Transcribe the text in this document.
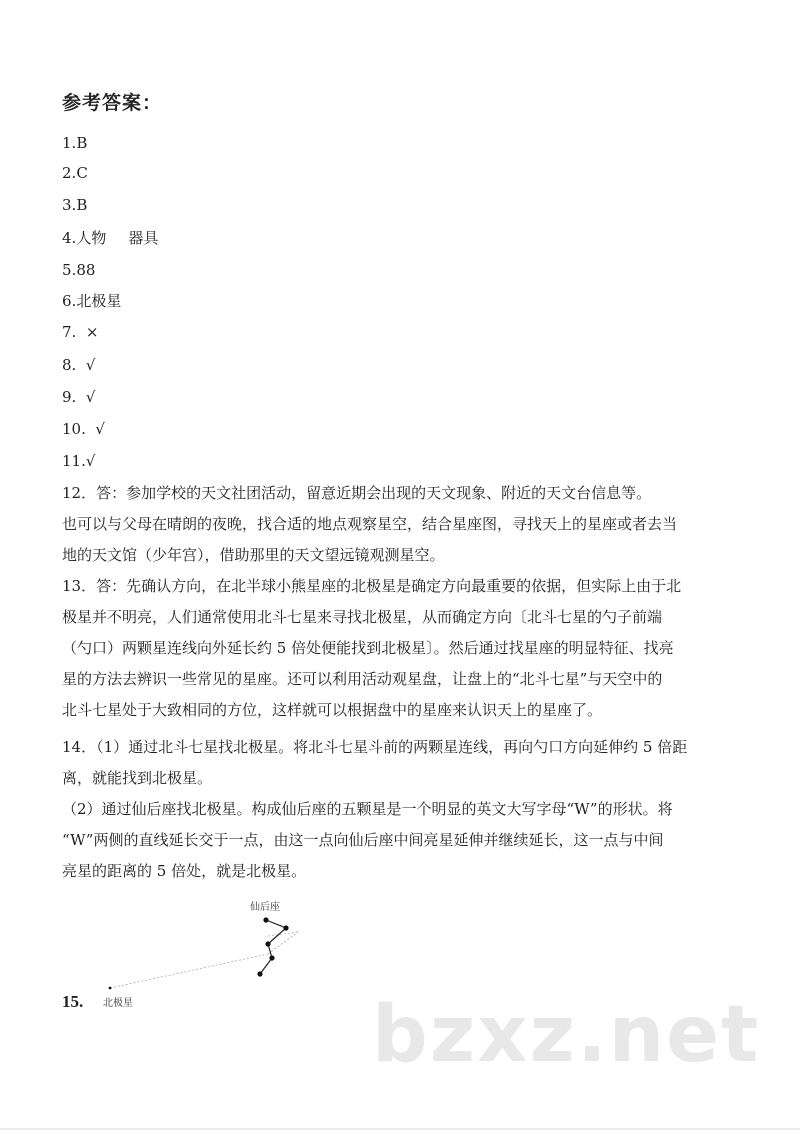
参考答案：
1.B
2.C
3.B
4.人物 器具
5.88
6.北极星
7. ×
8. √
9. √
10. √
11.√
12．答：参加学校的天文社团活动，留意近期会出现的天文现象、附近的天文台信息等。
也可以与父母在晴朗的夜晚，找合适的地点观察星空，结合星座图，寻找天上的星座或者去当
地的天文馆（少年宫），借助那里的天文望远镜观测星空。
13．答：先确认方向，在北半球小熊星座的北极星是确定方向最重要的依据，但实际上由于北
极星并不明亮，人们通常使用北斗七星来寻找北极星，从而确定方向〔北斗七星的勺子前端
（勺口）两颗星连线向外延长约 5 倍处便能找到北极星〕。然后通过找星座的明显特征、找亮
星的方法去辨识一些常见的星座。还可以利用活动观星盘，让盘上的“北斗七星”与天空中的
北斗七星处于大致相同的方位，这样就可以根据盘中的星座来认识天上的星座了。
14．（1）通过北斗七星找北极星。将北斗七星斗前的两颗星连线，再向勺口方向延伸约 5 倍距
离，就能找到北极星。
（2）通过仙后座找北极星。构成仙后座的五颗星是一个明显的英文大写字母“W”的形状。将
“W”两侧的直线延长交于一点，由这一点向仙后座中间亮星延伸并继续延长，这一点与中间
亮星的距离的 5 倍处，就是北极星。
仙后座
北极星
15.	bzxz.net
